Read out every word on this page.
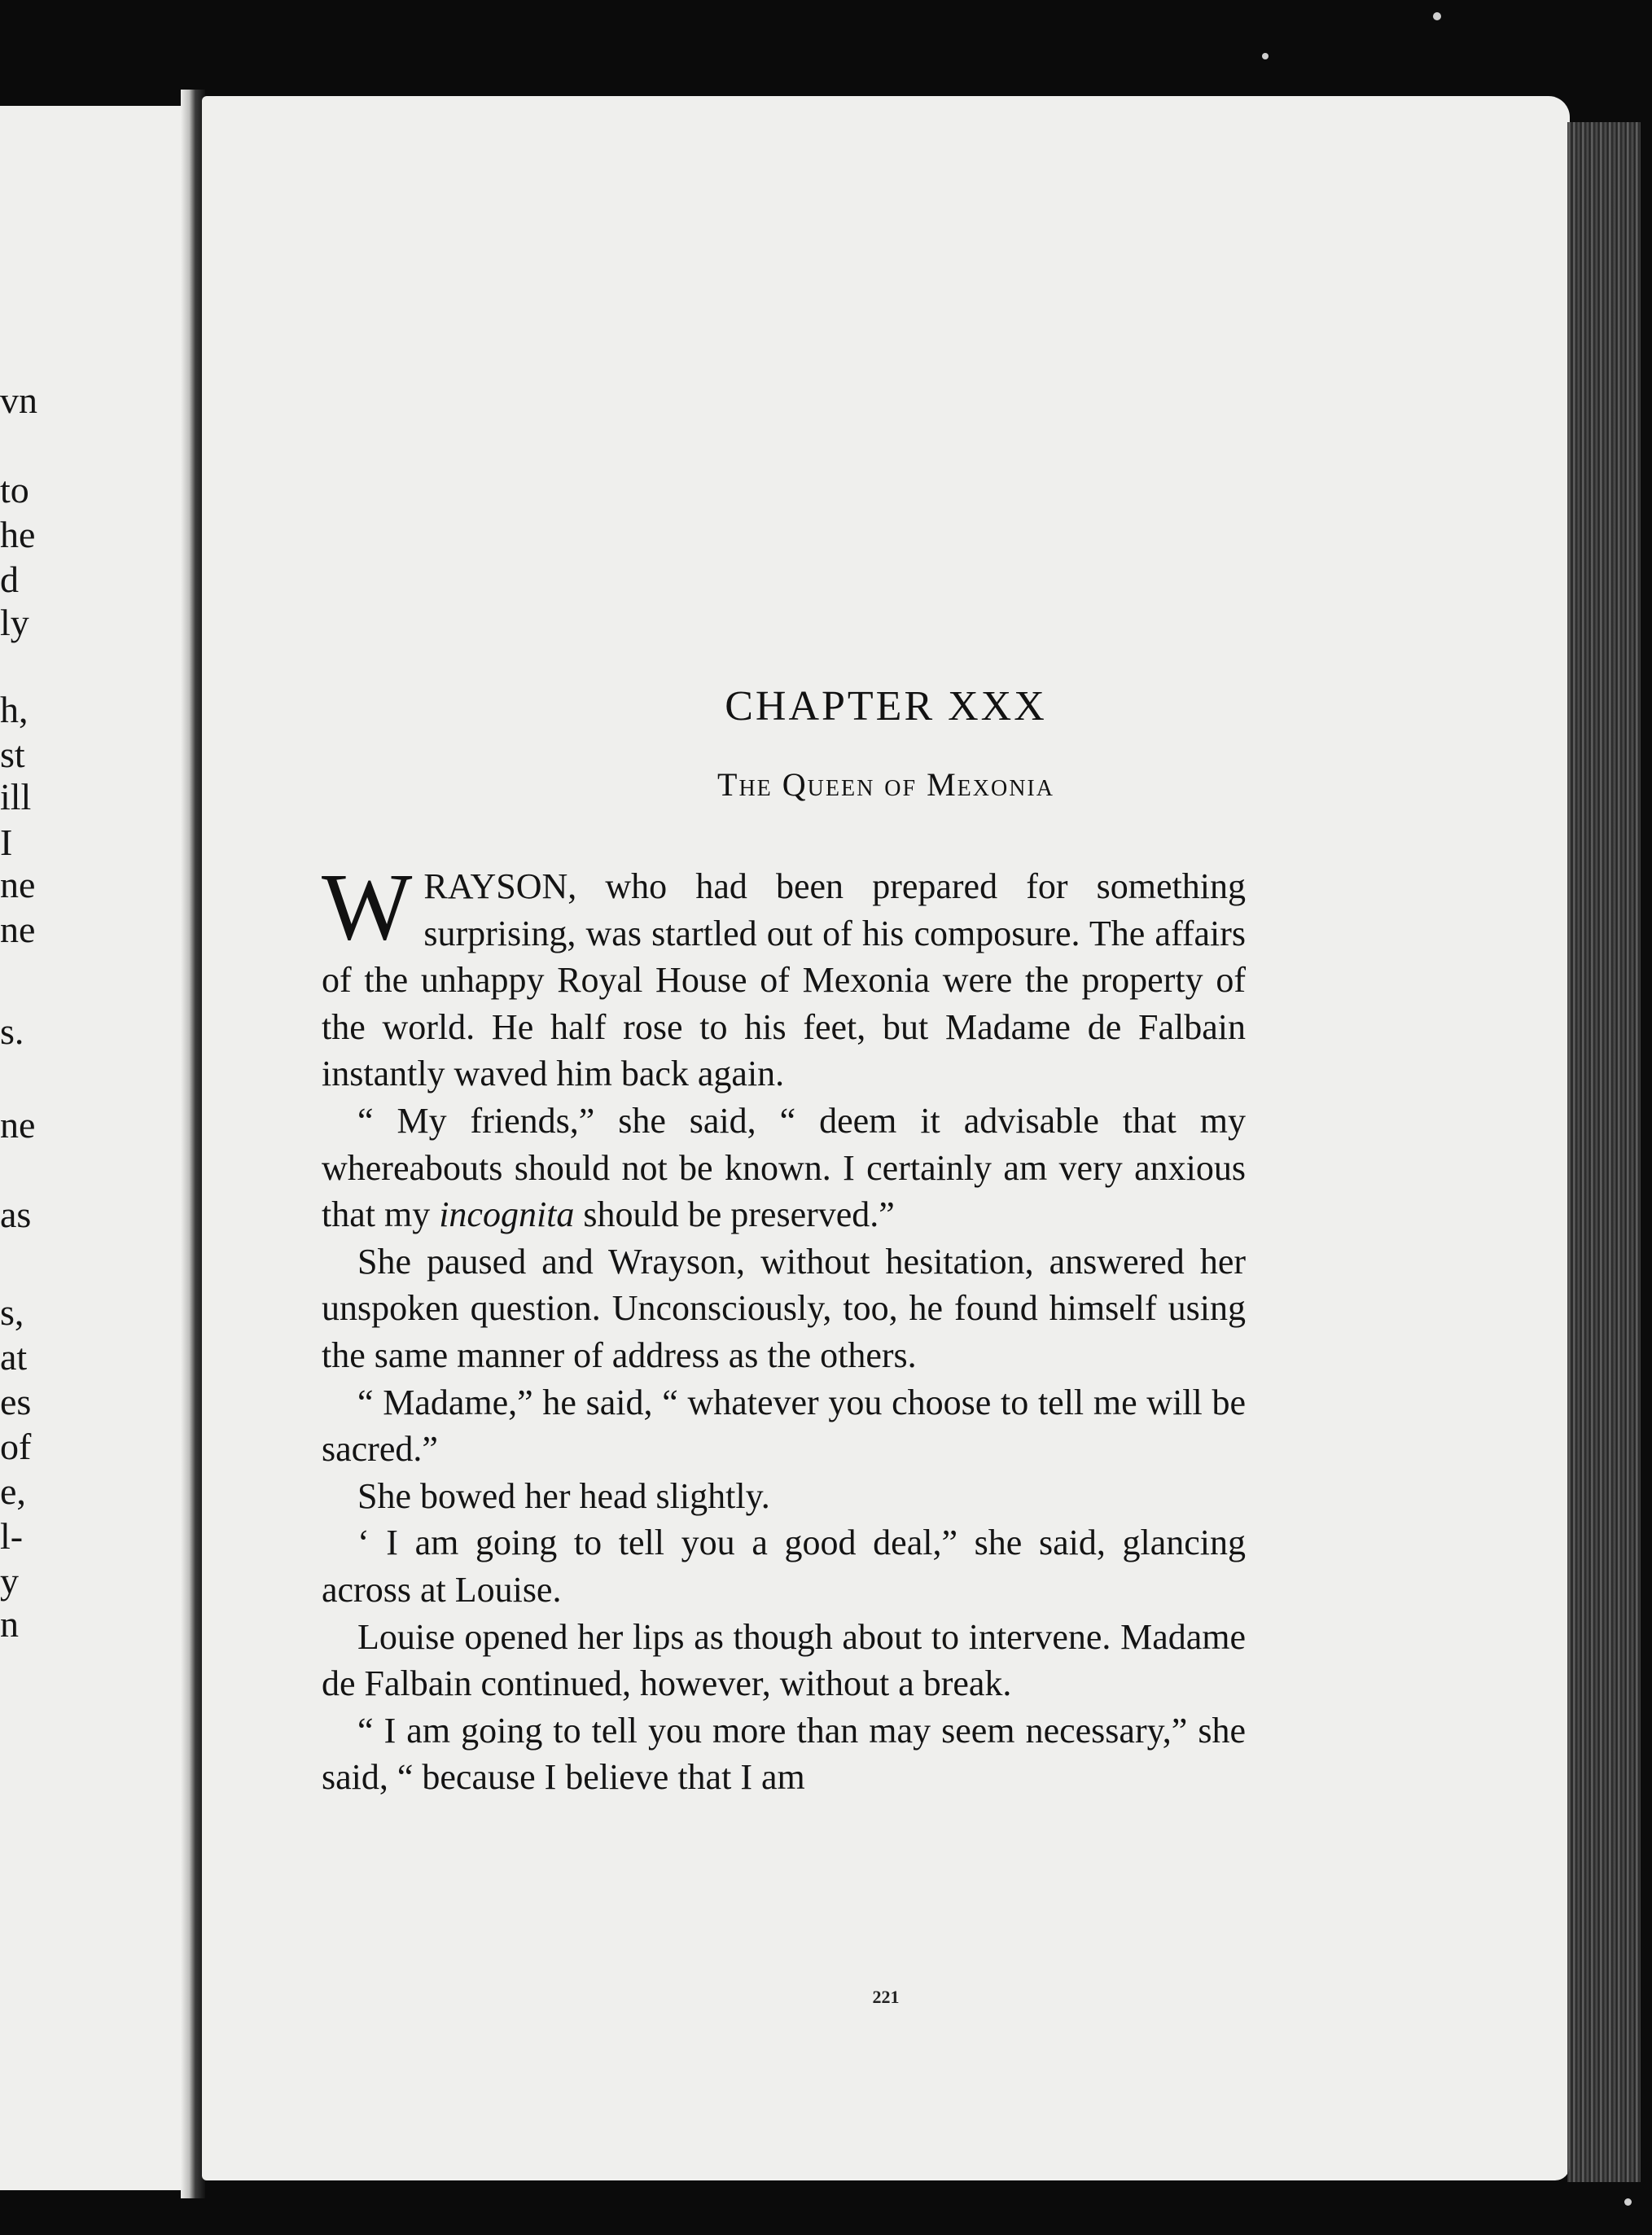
vn
to
he
d
ly
h,
st
ill
I
ne
ne
s.
ne
as
s,
at
es
of
e,
l-
y
n
CHAPTER XXX
The Queen of Mexonia

WRAYSON, who had been prepared for something surprising, was startled out of his composure. The affairs of the unhappy Royal House of Mexonia were the property of the world. He half rose to his feet, but Madame de Falbain instantly waved him back again.

“ My friends,” she said, “ deem it advisable that my whereabouts should not be known. I certainly am very anxious that my incognita should be preserved.”

She paused and Wrayson, without hesitation, answered her unspoken question. Unconsciously, too, he found himself using the same manner of address as the others.

“ Madame,” he said, “ whatever you choose to tell me will be sacred.”

She bowed her head slightly.

‘ I am going to tell you a good deal,” she said, glancing across at Louise.

Louise opened her lips as though about to intervene. Madame de Falbain continued, however, without a break.

“ I am going to tell you more than may seem necessary,” she said, “ because I believe that I am

221
